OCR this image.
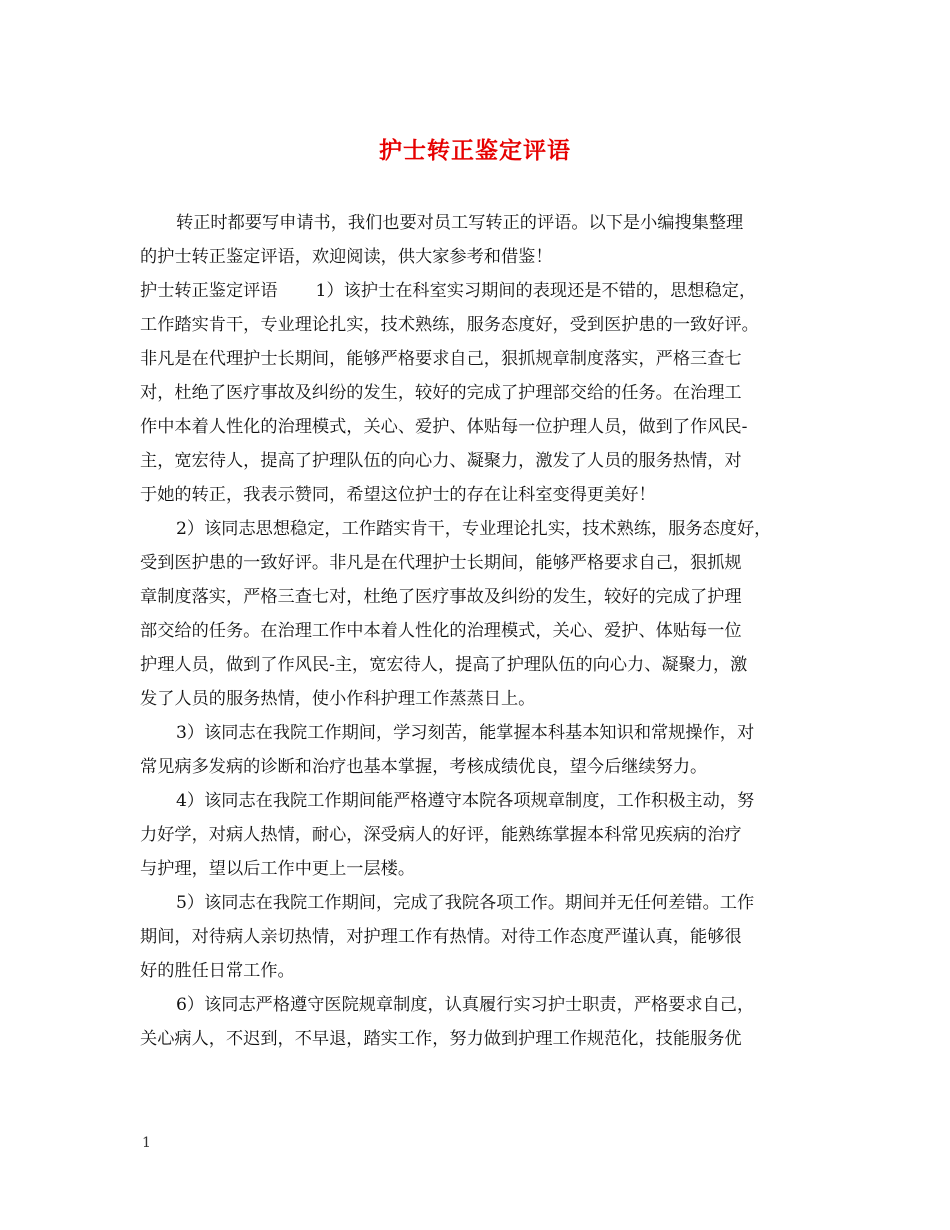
护士转正鉴定评语
转正时都要写申请书，我们也要对员工写转正的评语。以下是小编搜集整理
的护士转正鉴定评语，欢迎阅读，供大家参考和借鉴！
护士转正鉴定评语 1）该护士在科室实习期间的表现还是不错的，思想稳定，
工作踏实肯干，专业理论扎实，技术熟练，服务态度好，受到医护患的一致好评。
非凡是在代理护士长期间，能够严格要求自己，狠抓规章制度落实，严格三查七
对，杜绝了医疗事故及纠纷的发生，较好的完成了护理部交给的任务。在治理工
作中本着人性化的治理模式，关心、爱护、体贴每一位护理人员，做到了作风民-
主，宽宏待人，提高了护理队伍的向心力、凝聚力，激发了人员的服务热情，对
于她的转正，我表示赞同，希望这位护士的存在让科室变得更美好！
2）该同志思想稳定，工作踏实肯干，专业理论扎实，技术熟练，服务态度好，
受到医护患的一致好评。非凡是在代理护士长期间，能够严格要求自己，狠抓规
章制度落实，严格三查七对，杜绝了医疗事故及纠纷的发生，较好的完成了护理
部交给的任务。在治理工作中本着人性化的治理模式，关心、爱护、体贴每一位
护理人员，做到了作风民-主，宽宏待人，提高了护理队伍的向心力、凝聚力，激
发了人员的服务热情，使小作科护理工作蒸蒸日上。
3）该同志在我院工作期间，学习刻苦，能掌握本科基本知识和常规操作，对
常见病多发病的诊断和治疗也基本掌握，考核成绩优良，望今后继续努力。
4）该同志在我院工作期间能严格遵守本院各项规章制度，工作积极主动，努
力好学，对病人热情，耐心，深受病人的好评，能熟练掌握本科常见疾病的治疗
与护理，望以后工作中更上一层楼。
5）该同志在我院工作期间，完成了我院各项工作。期间并无任何差错。工作
期间，对待病人亲切热情，对护理工作有热情。对待工作态度严谨认真，能够很
好的胜任日常工作。
6）该同志严格遵守医院规章制度，认真履行实习护士职责，严格要求自己，
关心病人，不迟到，不早退，踏实工作，努力做到护理工作规范化，技能服务优
1
